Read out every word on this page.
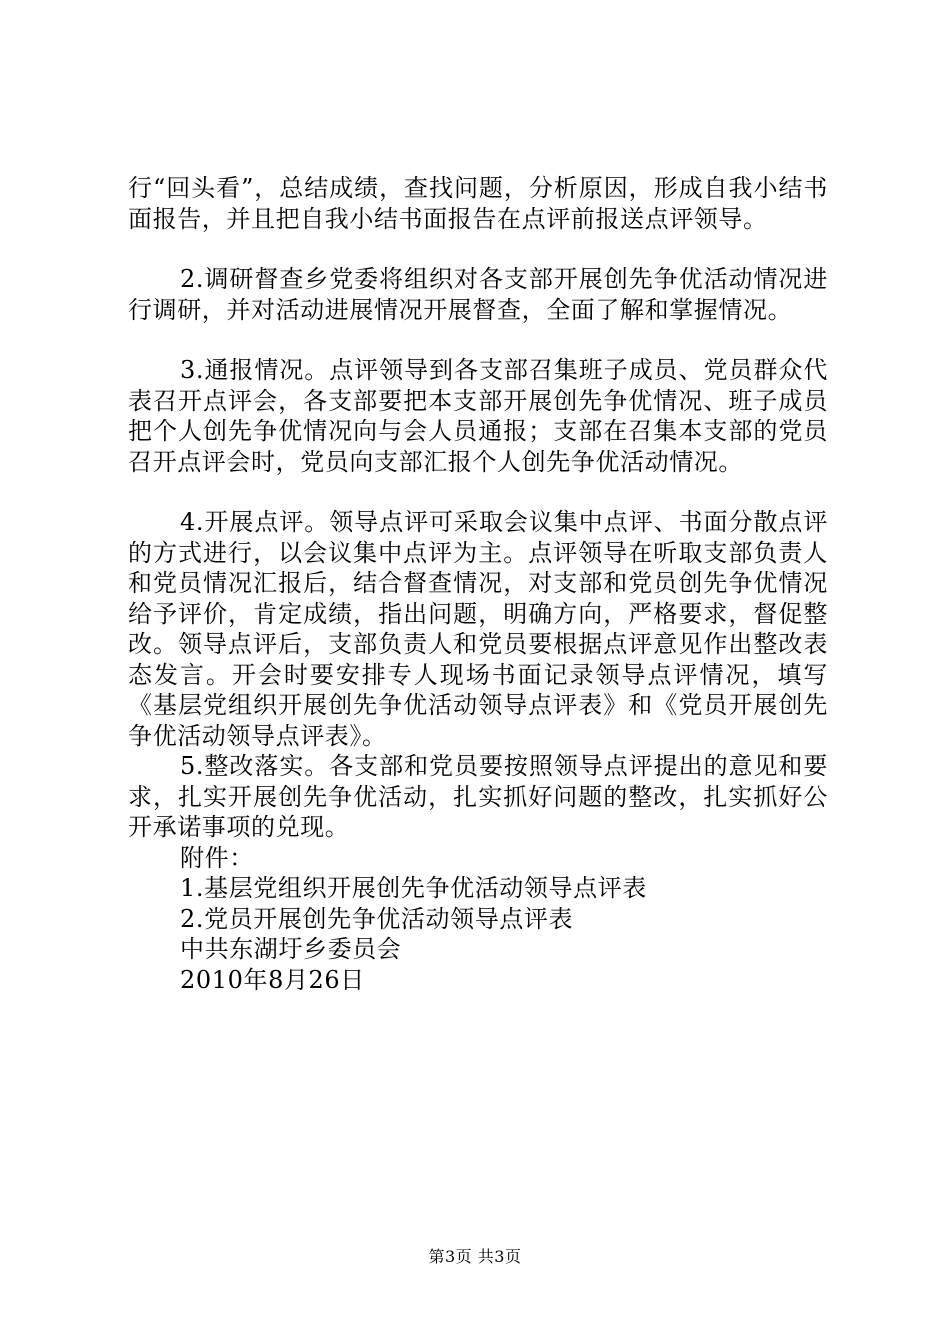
行“回头看”，总结成绩，查找问题，分析原因，形成自我小结书面报告，并且把自我小结书面报告在点评前报送点评领导。

2.调研督查乡党委将组织对各支部开展创先争优活动情况进行调研，并对活动进展情况开展督查，全面了解和掌握情况。

3.通报情况。点评领导到各支部召集班子成员、党员群众代表召开点评会，各支部要把本支部开展创先争优情况、班子成员把个人创先争优情况向与会人员通报；支部在召集本支部的党员召开点评会时，党员向支部汇报个人创先争优活动情况。

4.开展点评。领导点评可采取会议集中点评、书面分散点评的方式进行，以会议集中点评为主。点评领导在听取支部负责人和党员情况汇报后，结合督查情况，对支部和党员创先争优情况给予评价，肯定成绩，指出问题，明确方向，严格要求，督促整改。领导点评后，支部负责人和党员要根据点评意见作出整改表态发言。开会时要安排专人现场书面记录领导点评情况，填写《基层党组织开展创先争优活动领导点评表》和《党员开展创先争优活动领导点评表》。

5.整改落实。各支部和党员要按照领导点评提出的意见和要求，扎实开展创先争优活动，扎实抓好问题的整改，扎实抓好公开承诺事项的兑现。

附件：

1.基层党组织开展创先争优活动领导点评表

2.党员开展创先争优活动领导点评表

中共东湖圩乡委员会

2010年8月26日

第3页 共3页
